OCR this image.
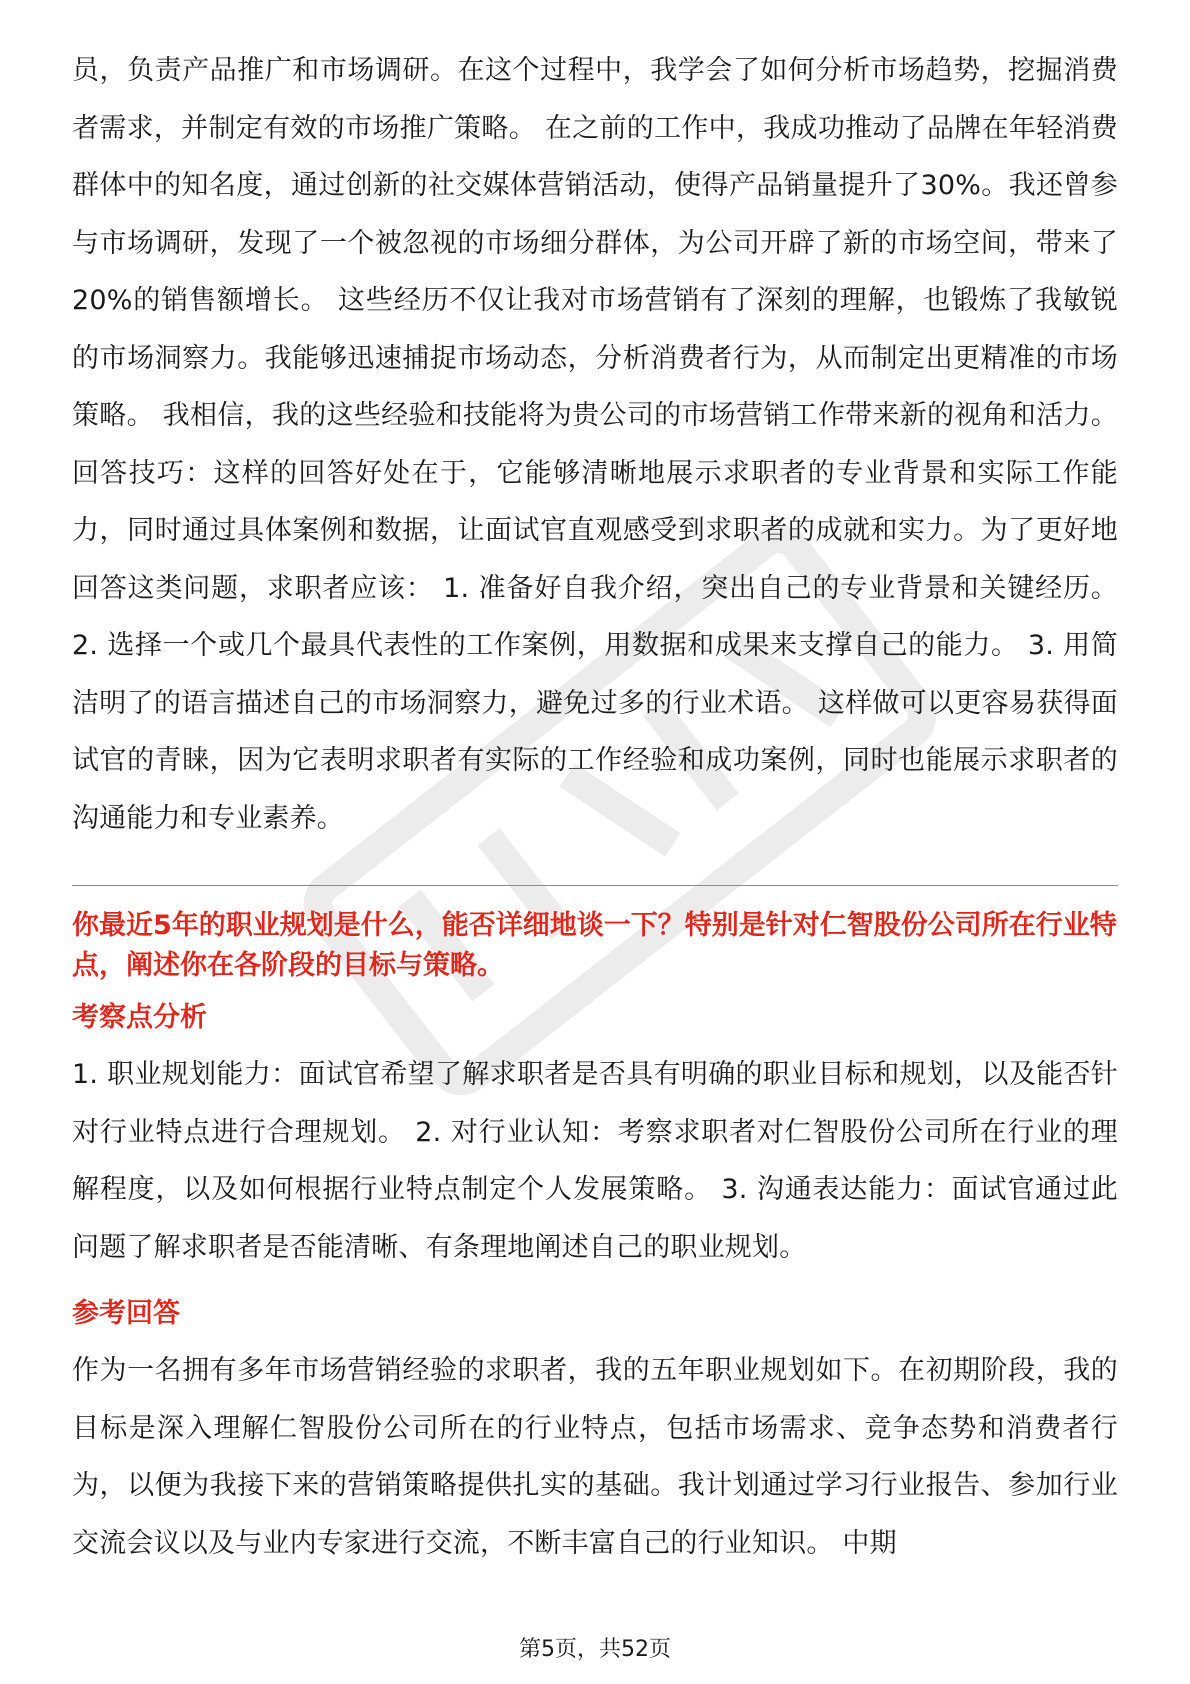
员，负责产品推广和市场调研。在这个过程中，我学会了如何分析市场趋势，挖掘消费者需求，并制定有效的市场推广策略。 在之前的工作中，我成功推动了品牌在年轻消费群体中的知名度，通过创新的社交媒体营销活动，使得产品销量提升了30%。我还曾参与市场调研，发现了一个被忽视的市场细分群体，为公司开辟了新的市场空间，带来了20%的销售额增长。 这些经历不仅让我对市场营销有了深刻的理解，也锻炼了我敏锐的市场洞察力。我能够迅速捕捉市场动态，分析消费者行为，从而制定出更精准的市场策略。 我相信，我的这些经验和技能将为贵公司的市场营销工作带来新的视角和活力。 回答技巧：这样的回答好处在于，它能够清晰地展示求职者的专业背景和实际工作能力，同时通过具体案例和数据，让面试官直观感受到求职者的成就和实力。为了更好地回答这类问题，求职者应该： 1. 准备好自我介绍，突出自己的专业背景和关键经历。 2. 选择一个或几个最具代表性的工作案例，用数据和成果来支撑自己的能力。 3. 用简洁明了的语言描述自己的市场洞察力，避免过多的行业术语。 这样做可以更容易获得面试官的青睐，因为它表明求职者有实际的工作经验和成功案例，同时也能展示求职者的沟通能力和专业素养。

你最近5年的职业规划是什么，能否详细地谈一下？特别是针对仁智股份公司所在行业特点，阐述你在各阶段的目标与策略。

考察点分析

1. 职业规划能力：面试官希望了解求职者是否具有明确的职业目标和规划，以及能否针对行业特点进行合理规划。 2. 对行业认知：考察求职者对仁智股份公司所在行业的理解程度，以及如何根据行业特点制定个人发展策略。 3. 沟通表达能力：面试官通过此问题了解求职者是否能清晰、有条理地阐述自己的职业规划。

参考回答

作为一名拥有多年市场营销经验的求职者，我的五年职业规划如下。在初期阶段，我的目标是深入理解仁智股份公司所在的行业特点，包括市场需求、竞争态势和消费者行为，以便为我接下来的营销策略提供扎实的基础。我计划通过学习行业报告、参加行业交流会议以及与业内专家进行交流，不断丰富自己的行业知识。 中期

第5页，共52页
